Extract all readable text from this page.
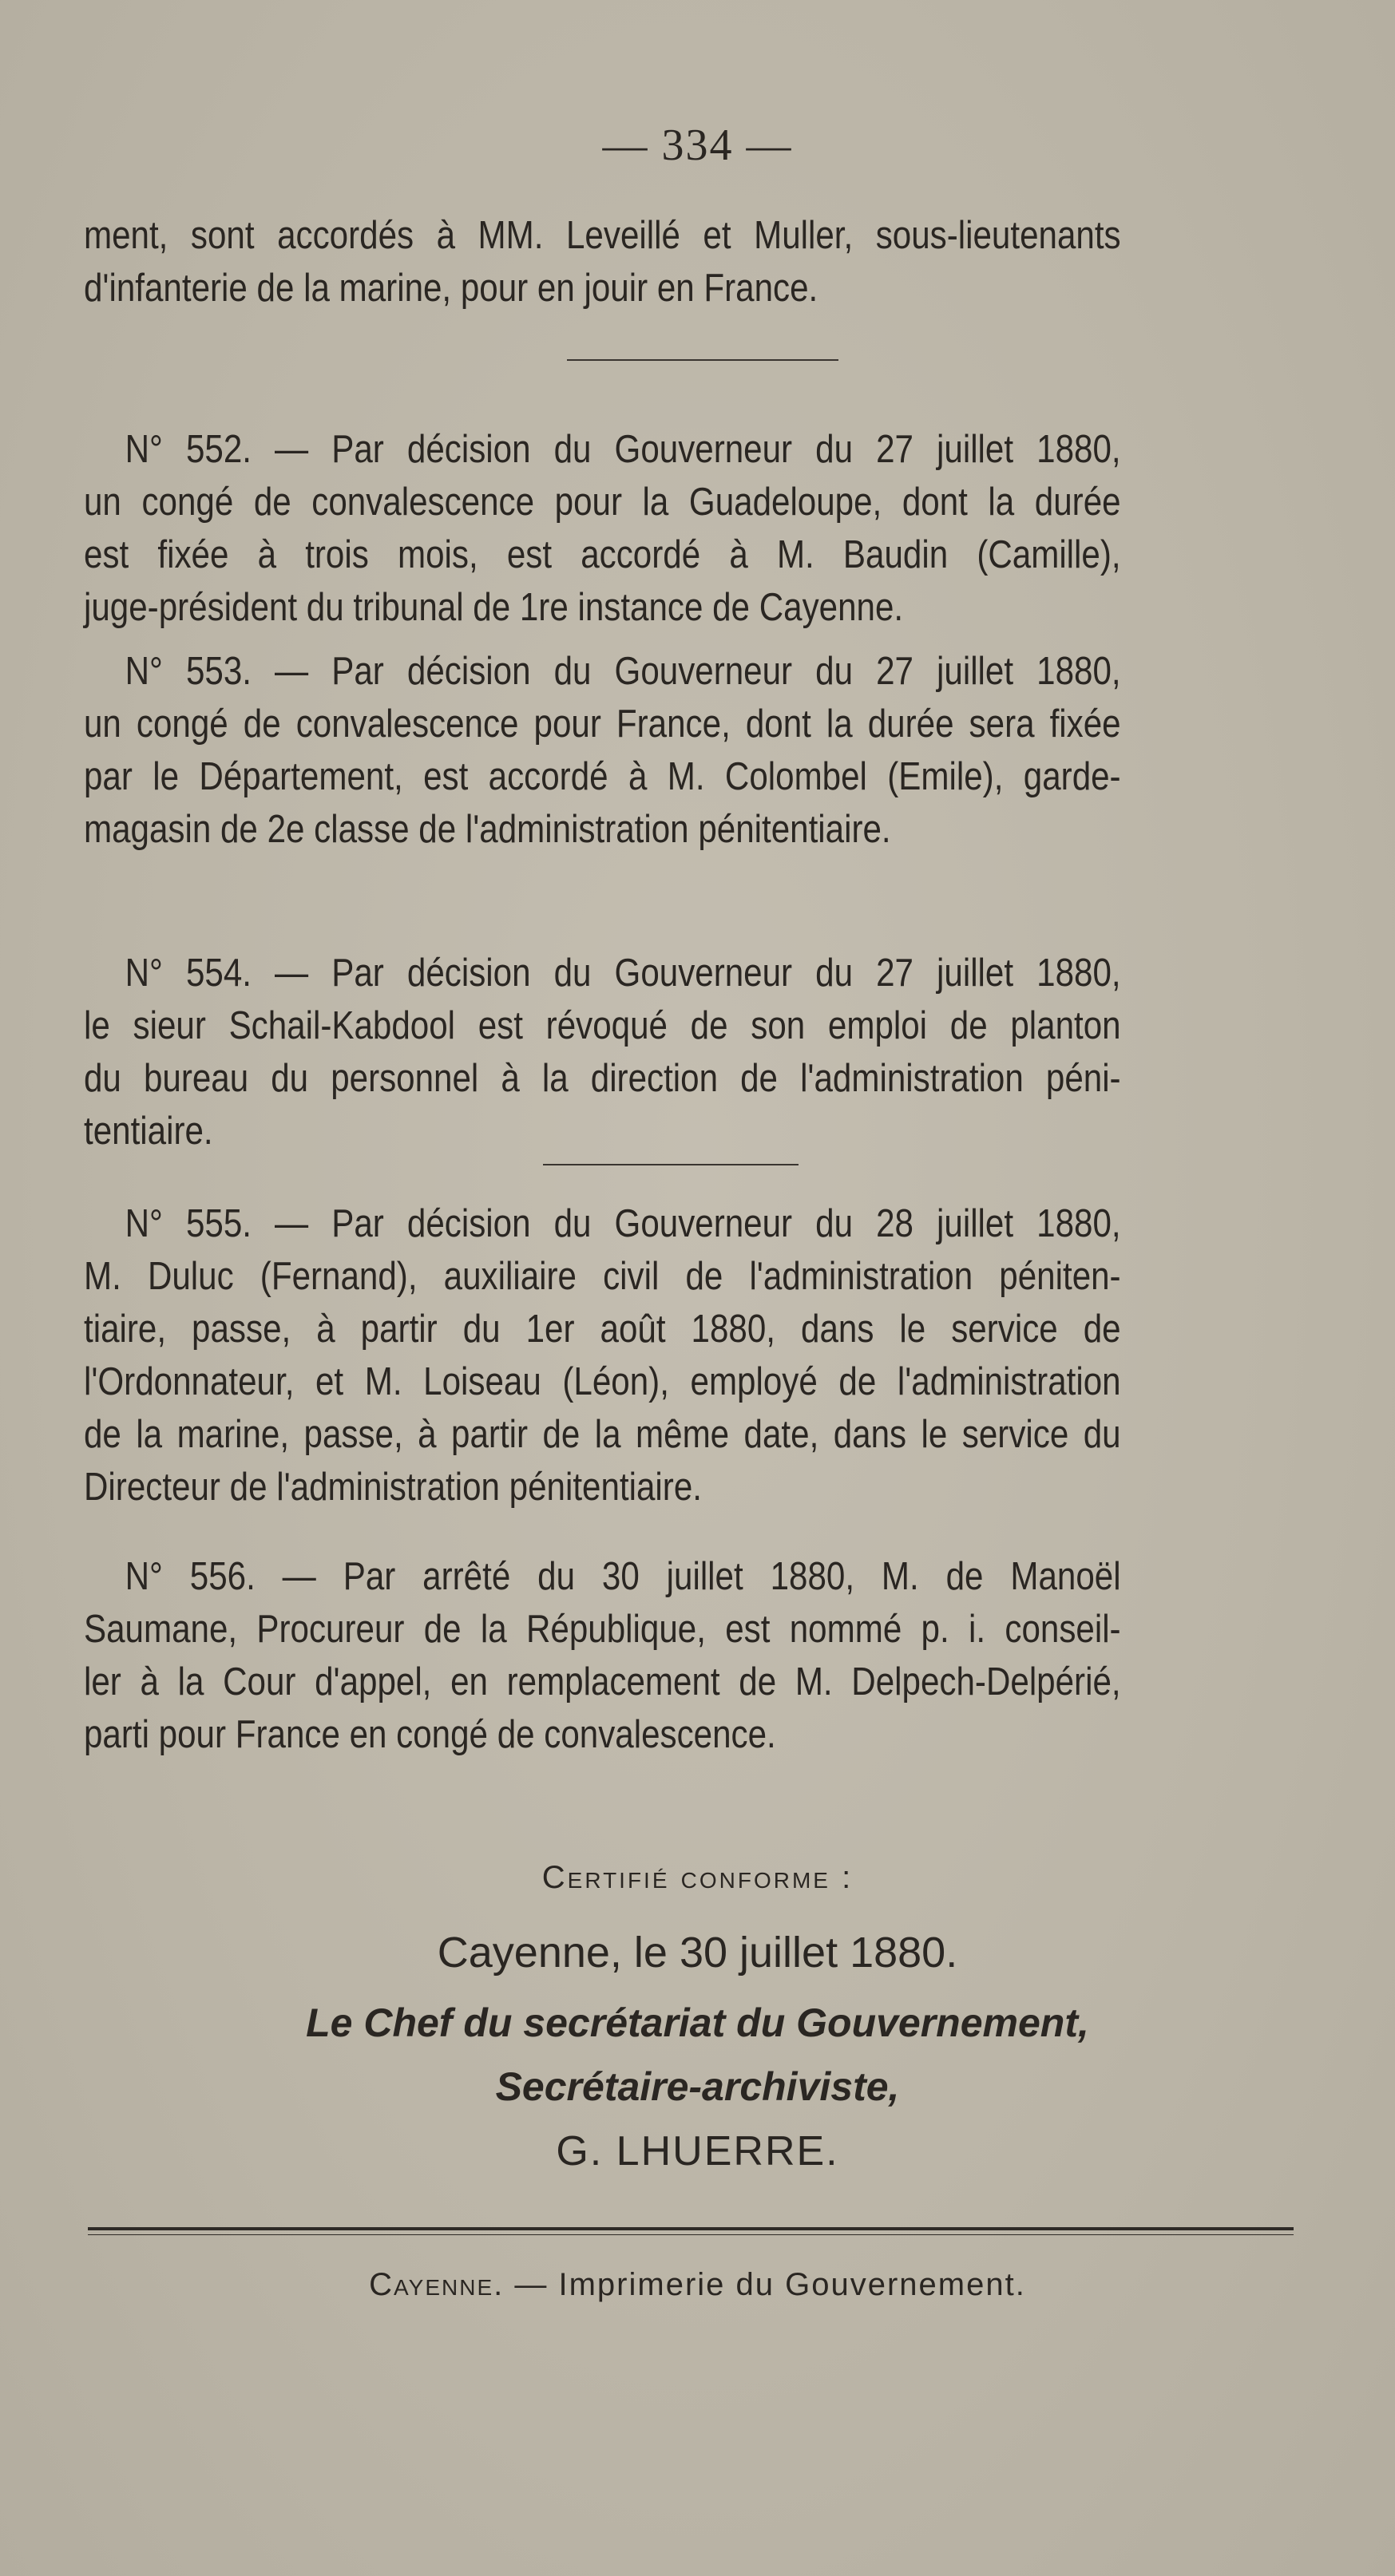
— 334 —
ment, sont accordés à MM. Leveillé et Muller, sous-lieutenants
d'infanterie de la marine, pour en jouir en France.
N° 552. — Par décision du Gouverneur du 27 juillet 1880,
un congé de convalescence pour la Guadeloupe, dont la durée
est fixée à trois mois, est accordé à M. Baudin (Camille),
juge-président du tribunal de 1re instance de Cayenne.
N° 553. — Par décision du Gouverneur du 27 juillet 1880,
un congé de convalescence pour France, dont la durée sera fixée
par le Département, est accordé à M. Colombel (Emile), garde-
magasin de 2e classe de l'administration pénitentiaire.
N° 554. — Par décision du Gouverneur du 27 juillet 1880,
le sieur Schail-Kabdool est révoqué de son emploi de planton
du bureau du personnel à la direction de l'administration péni-
tentiaire.
N° 555. — Par décision du Gouverneur du 28 juillet 1880,
M. Duluc (Fernand), auxiliaire civil de l'administration péniten-
tiaire, passe, à partir du 1er août 1880, dans le service de
l'Ordonnateur, et M. Loiseau (Léon), employé de l'administration
de la marine, passe, à partir de la même date, dans le service du
Directeur de l'administration pénitentiaire.
N° 556. — Par arrêté du 30 juillet 1880, M. de Manoël
Saumane, Procureur de la République, est nommé p. i. conseil-
ler à la Cour d'appel, en remplacement de M. Delpech-Delpérié,
parti pour France en congé de convalescence.
Certifié conforme :
Cayenne, le 30 juillet 1880.
Le Chef du secrétariat du Gouvernement,
Secrétaire-archiviste,
G. LHUERRE.
Cayenne. — Imprimerie du Gouvernement.
